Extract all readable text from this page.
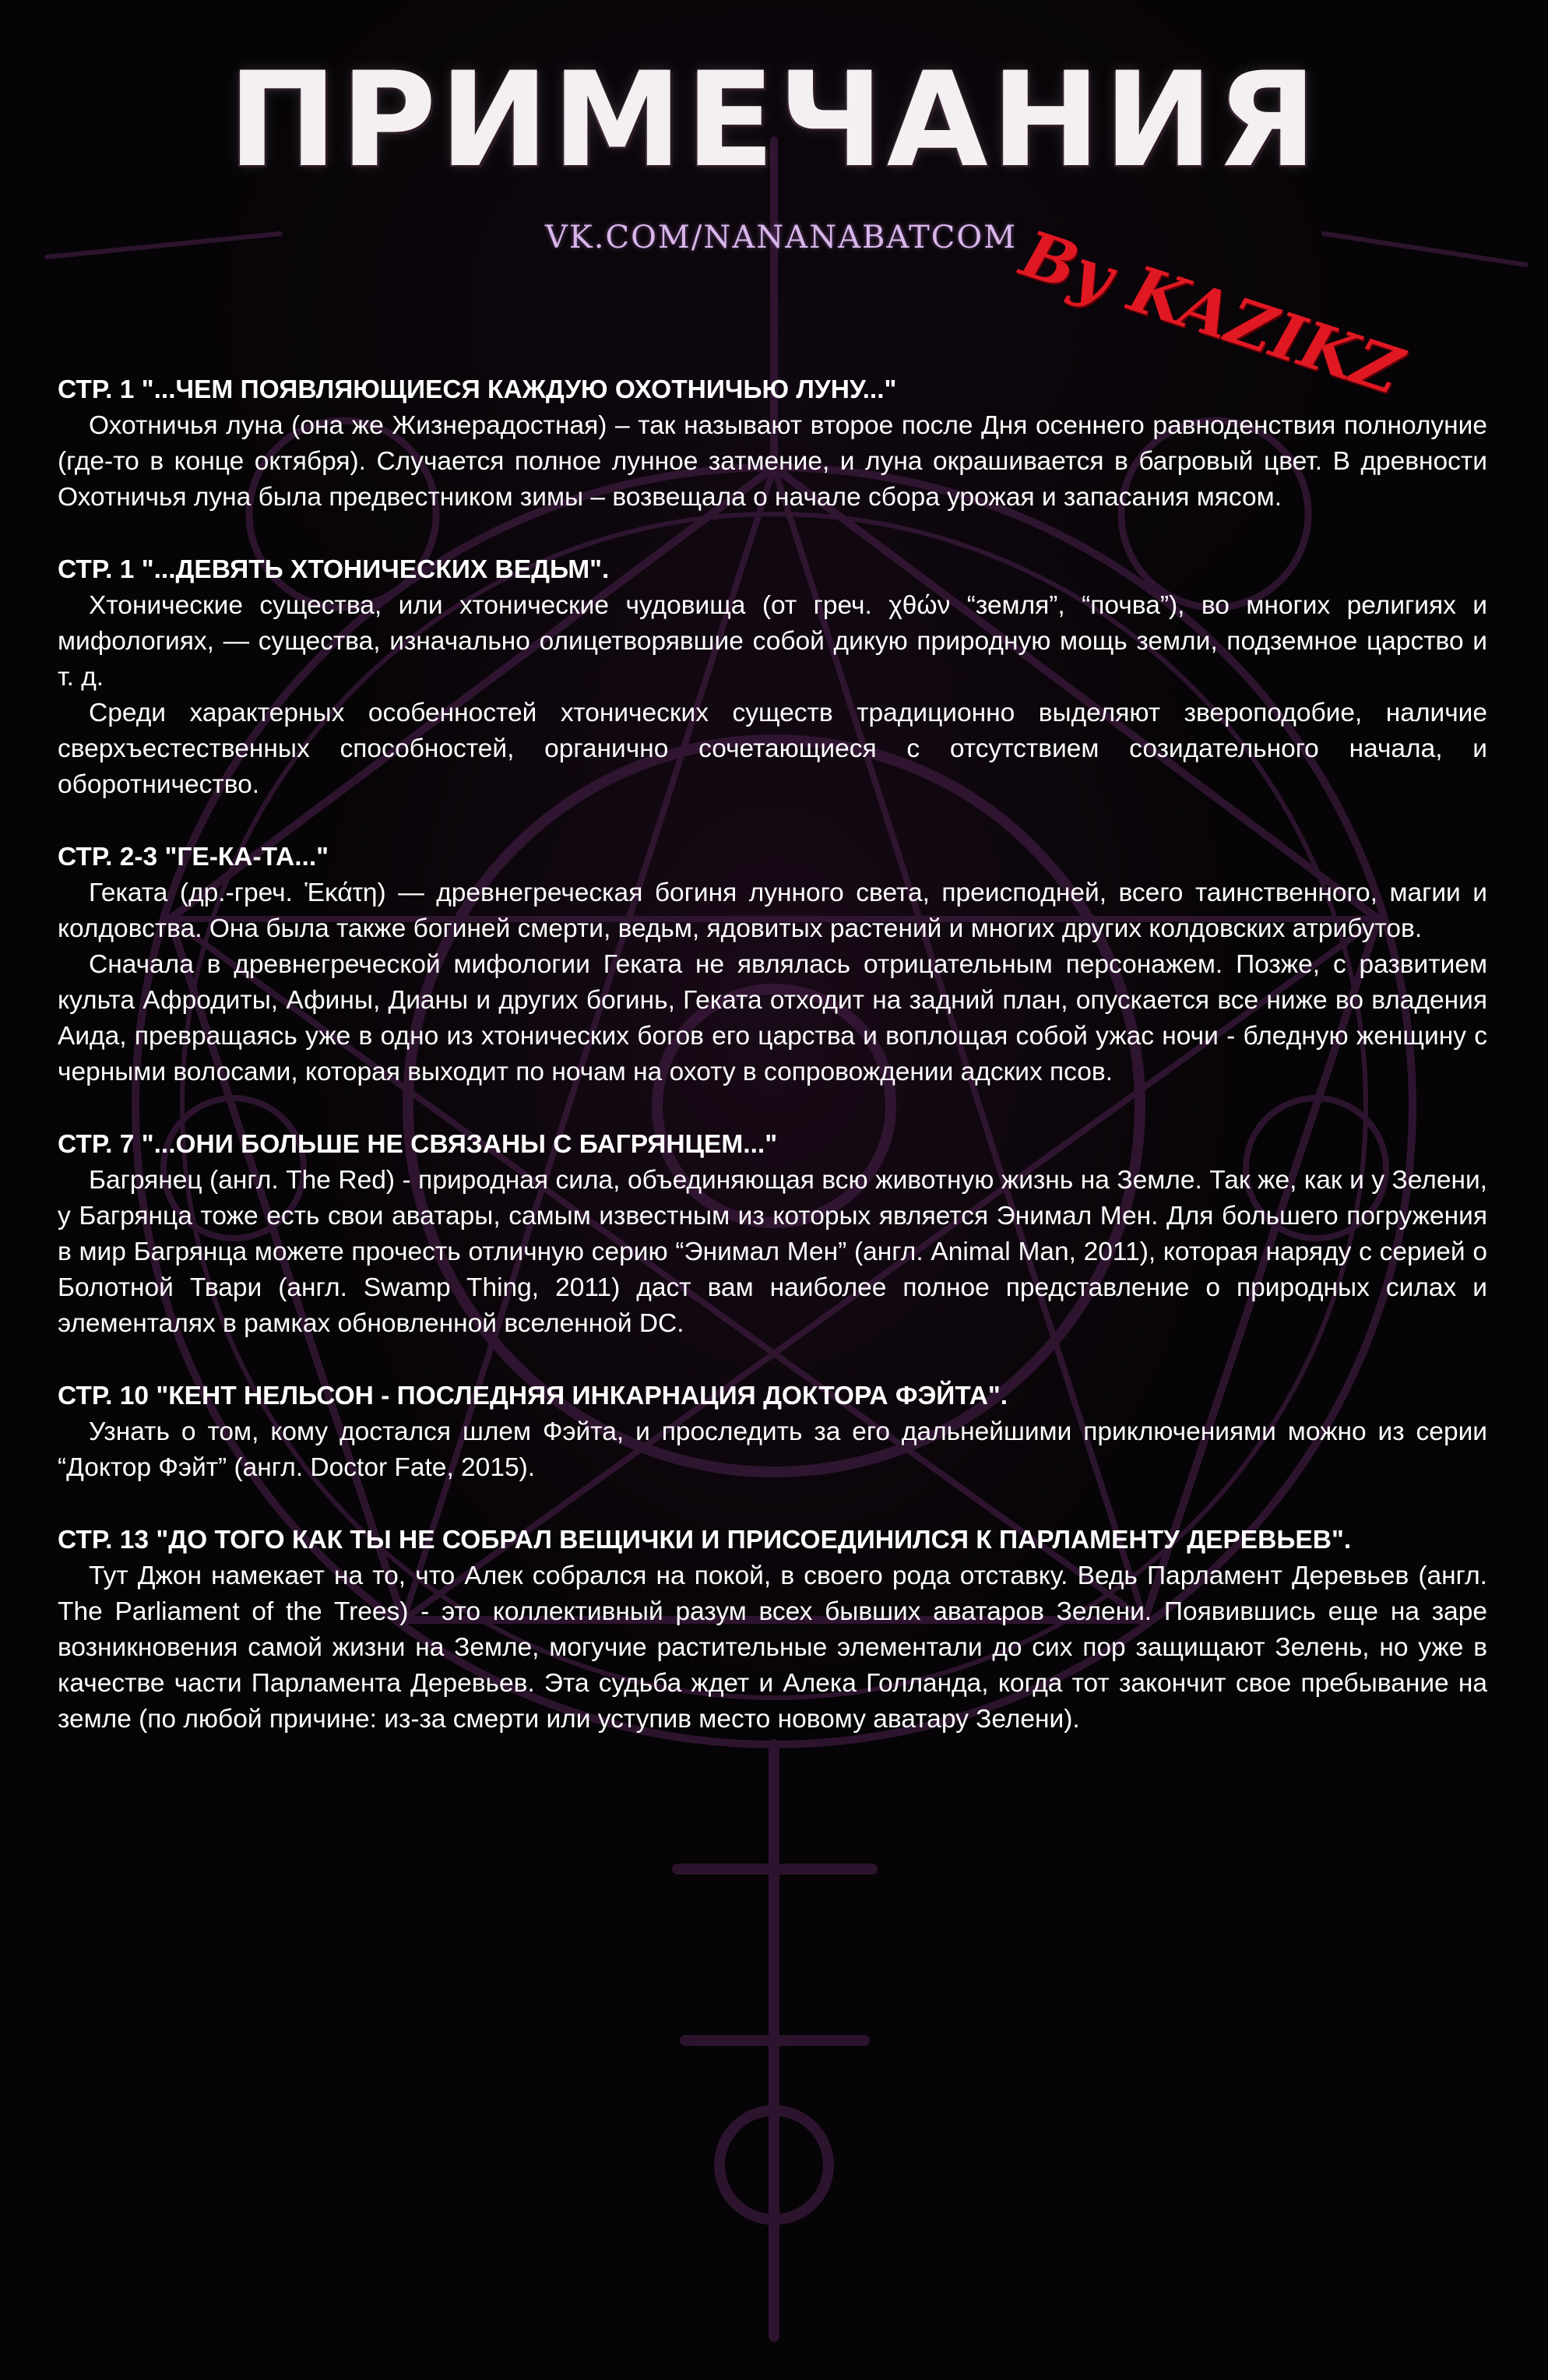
ПРИМЕЧАНИЯ
VK.COM/NANANABATCOM
By KAZIKZ
СТР. 1 "...ЧЕМ ПОЯВЛЯЮЩИЕСЯ КАЖДУЮ ОХОТНИЧЬЮ ЛУНУ..."

Охотничья луна (она же Жизнерадостная) – так называют второе после Дня осеннего равноденствия полнолуние (где-то в конце октября). Случается полное лунное затмение, и луна окрашивается в багровый цвет. В древности Охотничья луна была предвестником зимы – возвещала о начале сбора урожая и запасания мясом.

СТР. 1 "...ДЕВЯТЬ ХТОНИЧЕСКИХ ВЕДЬМ".

Хтонические существа, или хтонические чудовища (от греч. χθών “земля”, “почва”), во многих религиях и мифологиях, — существа, изначально олицетворявшие собой дикую природную мощь земли, подземное царство и т. д.

Среди характерных особенностей хтонических существ традиционно выделяют звероподобие, наличие сверхъестественных способностей, органично сочетающиеся с отсутствием созидательного начала, и оборотничество.

СТР. 2-3 "ГЕ-КА-ТА..."

Геката (др.-греч. Ἑκάτη) — древнегреческая богиня лунного света, преисподней, всего таинственного, магии и колдовства. Она была также богиней смерти, ведьм, ядовитых растений и многих других колдовских атрибутов.

Сначала в древнегреческой мифологии Геката не являлась отрицательным персонажем. Позже, с развитием культа Афродиты, Афины, Дианы и других богинь, Геката отходит на задний план, опускается все ниже во владения Аида, превращаясь уже в одно из хтонических богов его царства и воплощая собой ужас ночи - бледную женщину с черными волосами, которая выходит по ночам на охоту в сопровождении адских псов.

СТР. 7 "...ОНИ БОЛЬШЕ НЕ СВЯЗАНЫ С БАГРЯНЦЕМ..."

Багрянец (англ. The Red) - природная сила, объединяющая всю животную жизнь на Земле. Так же, как и у Зелени, у Багрянца тоже есть свои аватары, самым известным из которых является Энимал Мен. Для большего погружения в мир Багрянца можете прочесть отличную серию “Энимал Мен” (англ. Animal Man, 2011), которая наряду с серией о Болотной Твари (англ. Swamp Thing, 2011) даст вам наиболее полное представление о природных силах и элементалях в рамках обновленной вселенной DC.

СТР. 10 "КЕНТ НЕЛЬСОН - ПОСЛЕДНЯЯ ИНКАРНАЦИЯ ДОКТОРА ФЭЙТА".

Узнать о том, кому достался шлем Фэйта, и проследить за его дальнейшими приключениями можно из серии “Доктор Фэйт” (англ. Doctor Fate, 2015).

СТР. 13 "ДО ТОГО КАК ТЫ НЕ СОБРАЛ ВЕЩИЧКИ И ПРИСОЕДИНИЛСЯ К ПАРЛАМЕНТУ ДЕРЕВЬЕВ".

Тут Джон намекает на то, что Алек собрался на покой, в своего рода отставку. Ведь Парламент Деревьев (англ. The Parliament of the Trees) - это коллективный разум всех бывших аватаров Зелени. Появившись еще на заре возникновения самой жизни на Земле, могучие растительные элементали до сих пор защищают Зелень, но уже в качестве части Парламента Деревьев. Эта судьба ждет и Алека Голланда, когда тот закончит свое пребывание на земле (по любой причине: из-за смерти или уступив место новому аватару Зелени).
